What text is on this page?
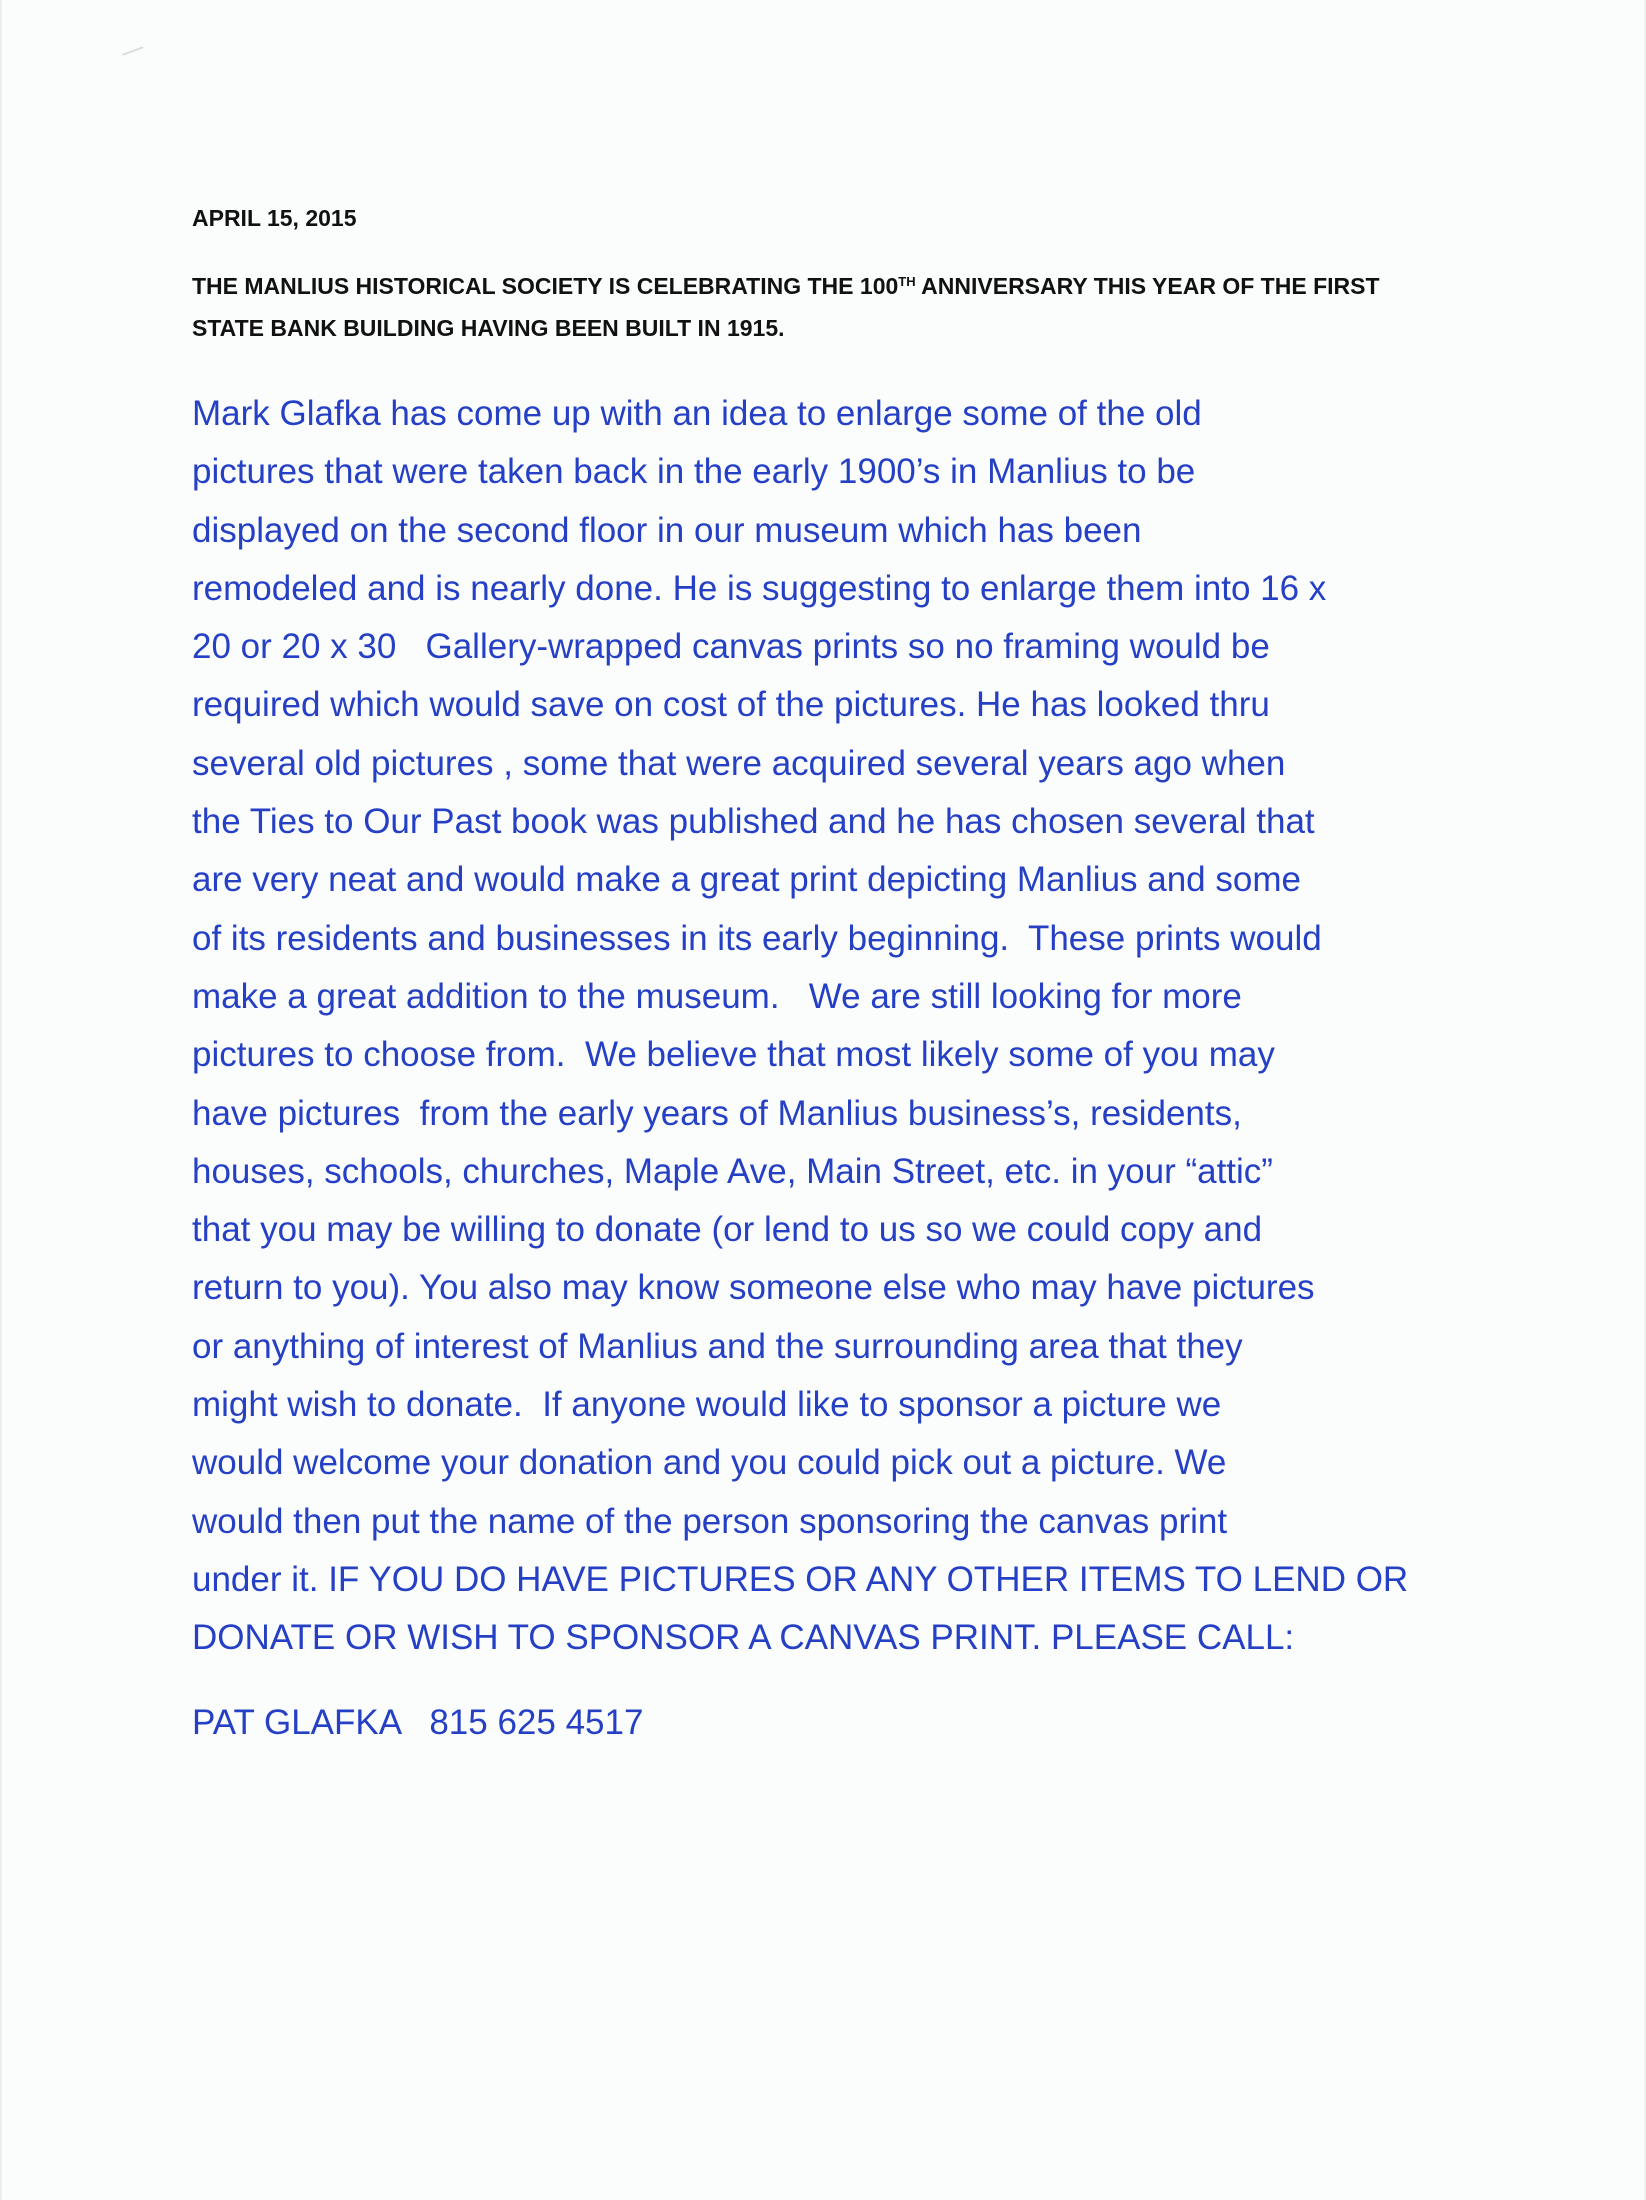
APRIL 15, 2015

THE MANLIUS HISTORICAL SOCIETY IS CELEBRATING THE 100TH ANNIVERSARY THIS YEAR OF THE FIRST
STATE BANK BUILDING HAVING BEEN BUILT IN 1915.

Mark Glafka has come up with an idea to enlarge some of the old
pictures that were taken back in the early 1900’s in Manlius to be
displayed on the second floor in our museum which has been
remodeled and is nearly done. He is suggesting to enlarge them into 16 x
20 or 20 x 30   Gallery-wrapped canvas prints so no framing would be
required which would save on cost of the pictures. He has looked thru
several old pictures , some that were acquired several years ago when
the Ties to Our Past book was published and he has chosen several that
are very neat and would make a great print depicting Manlius and some
of its residents and businesses in its early beginning.  These prints would
make a great addition to the museum.   We are still looking for more
pictures to choose from.  We believe that most likely some of you may
have pictures  from the early years of Manlius business’s, residents,
houses, schools, churches, Maple Ave, Main Street, etc. in your “attic”
that you may be willing to donate (or lend to us so we could copy and
return to you). You also may know someone else who may have pictures
or anything of interest of Manlius and the surrounding area that they
might wish to donate.  If anyone would like to sponsor a picture we
would welcome your donation and you could pick out a picture. We
would then put the name of the person sponsoring the canvas print
under it. IF YOU DO HAVE PICTURES OR ANY OTHER ITEMS TO LEND OR
DONATE OR WISH TO SPONSOR A CANVAS PRINT. PLEASE CALL:

PAT GLAFKA 815 625 4517
